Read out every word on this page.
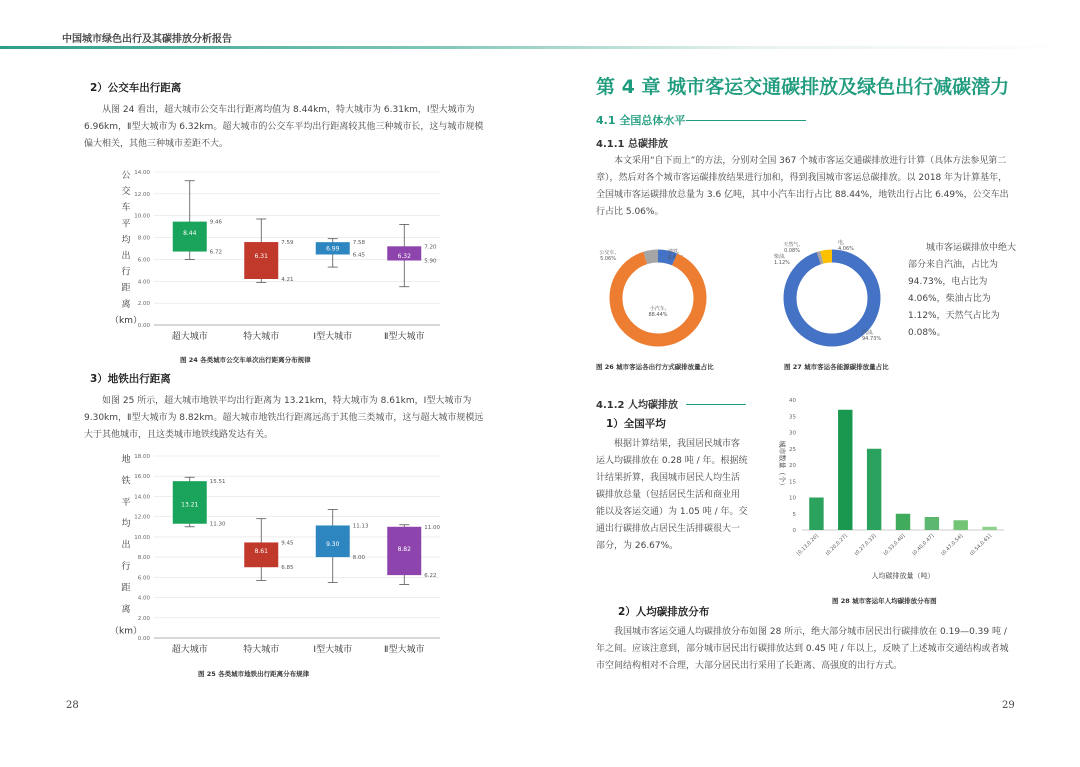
中国城市绿色出行及其碳排放分析报告
2）公交车出行距离
从图 24 看出，超大城市公交车出行距离均值为 8.44km，特大城市为 6.31km，Ⅰ型大城市为 6.96km，Ⅱ型大城市为 6.32km。超大城市的公交车平均出行距离较其他三种城市长，这与城市规模偏大相关，其他三种城市差距不大。
公
交
车
平
均
出
行
距
离
（km）
0.00
2.00
4.00
6.00
8.00
10.00
12.00
14.00
8.44
9.46
6.72
超大城市
6.31
7.59
4.21
特大城市
6.99
7.58
6.45
Ⅰ型大城市
6.32
7.20
5.90
Ⅱ型大城市
图 24 各类城市公交车单次出行距离分布规律
3）地铁出行距离
如图 25 所示，超大城市地铁平均出行距离为 13.21km，特大城市为 8.61km，Ⅰ型大城市为 9.30km，Ⅱ型大城市为 8.82km。超大城市地铁出行距离远高于其他三类城市，这与超大城市规模远大于其他城市，且这类城市地铁线路发达有关。
地
铁
平
均
出
行
距
离
（km）
0.00
2.00
4.00
6.00
8.00
10.00
12.00
14.00
16.00
18.00
13.21
15.51
11.30
超大城市
8.61
9.45
6.85
特大城市
9.30
11.13
8.00
Ⅰ型大城市
8.82
11.00
6.22
Ⅱ型大城市
图 25 各类城市地铁出行距离分布规律
28
第 4 章 城市客运交通碳排放及绿色出行减碳潜力
4.1 全国总体水平
4.1.1 总碳排放
本文采用“自下而上”的方法，分别对全国 367 个城市客运交通碳排放进行计算（具体方法参见第二章），然后对各个城市客运碳排放结果进行加和，得到我国城市客运总碳排放。以 2018 年为计算基年，全国城市客运碳排放总量为 3.6 亿吨，其中小汽车出行占比 88.44%，地铁出行占比 6.49%，公交车出行占比 5.06%。
地铁,
6.49%
小汽车,
88.44%
公交车,
5.06%
汽油,
94.73%
天然气,
0.08%
柴油,
1.12%
电,
4.06%	城市客运碳排放中绝大部分来自汽油，占比为 94.73%，电占比为 4.06%，柴油占比为 1.12%，天然气占比为 0.08%。
图 26 城市客运各出行方式碳排放量占比	图 27 城市客运各能源碳排放量占比
4.1.2 人均碳排放
1）全国平均
根据计算结果，我国居民城市客运人均碳排放在 0.28 吨 / 年。根据统计结果折算，我国城市居民人均生活碳排放总量（包括居民生活和商业用能以及客运交通）为 1.05 吨 / 年。交通出行碳排放占居民生活排碳很大一部分，为 26.67%。
0
5
10
15
20
25
30
35
40
城市数量（个）
[0.13,0.20] (0.20,0.27] (0.27,0.33] (0.33,0.40] (0.40,0.47] (0.47,0.54] (0.54,0.61]
人均碳排放量（吨）
图 28 城市客运年人均碳排放分布图
2）人均碳排放分布
我国城市客运交通人均碳排放分布如图 28 所示，绝大部分城市居民出行碳排放在 0.19—0.39 吨 / 年之间。应该注意到，部分城市居民出行碳排放达到 0.45 吨 / 年以上，反映了上述城市交通结构或者城市空间结构相对不合理，大部分居民出行采用了长距离、高强度的出行方式。
29
